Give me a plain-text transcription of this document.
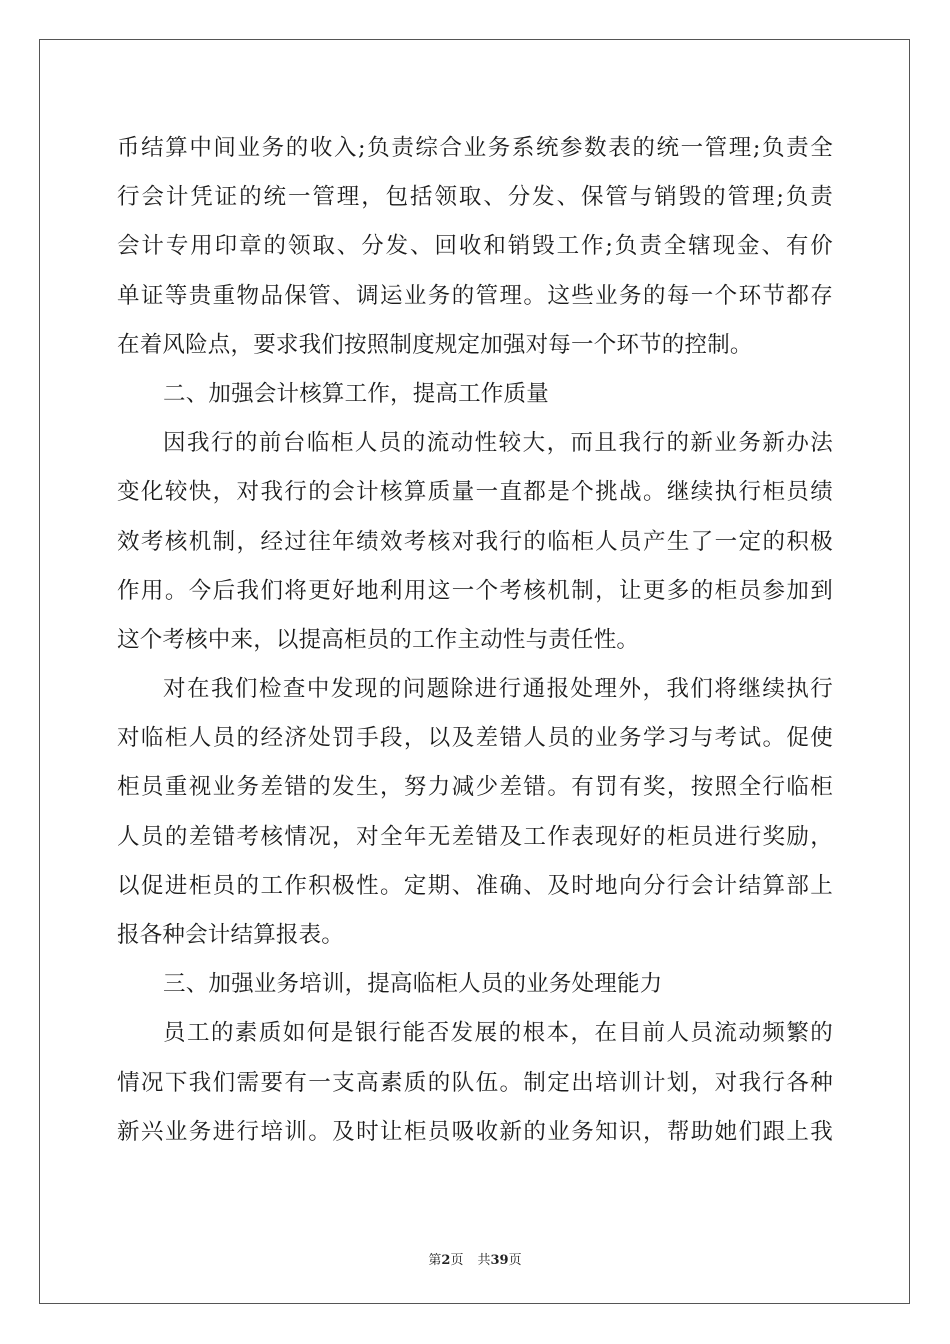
币结算中间业务的收入;负责综合业务系统参数表的统一管理;负责全
行会计凭证的统一管理，包括领取、分发、保管与销毁的管理;负责
会计专用印章的领取、分发、回收和销毁工作;负责全辖现金、有价
单证等贵重物品保管、调运业务的管理。这些业务的每一个环节都存
在着风险点，要求我们按照制度规定加强对每一个环节的控制。
二、加强会计核算工作，提高工作质量
因我行的前台临柜人员的流动性较大，而且我行的新业务新办法
变化较快，对我行的会计核算质量一直都是个挑战。继续执行柜员绩
效考核机制，经过往年绩效考核对我行的临柜人员产生了一定的积极
作用。今后我们将更好地利用这一个考核机制，让更多的柜员参加到
这个考核中来，以提高柜员的工作主动性与责任性。
对在我们检查中发现的问题除进行通报处理外，我们将继续执行
对临柜人员的经济处罚手段，以及差错人员的业务学习与考试。促使
柜员重视业务差错的发生，努力减少差错。有罚有奖，按照全行临柜
人员的差错考核情况，对全年无差错及工作表现好的柜员进行奖励，
以促进柜员的工作积极性。定期、准确、及时地向分行会计结算部上
报各种会计结算报表。
三、加强业务培训，提高临柜人员的业务处理能力
员工的素质如何是银行能否发展的根本，在目前人员流动频繁的
情况下我们需要有一支高素质的队伍。制定出培训计划，对我行各种
新兴业务进行培训。及时让柜员吸收新的业务知识，帮助她们跟上我
第2页 共39页
